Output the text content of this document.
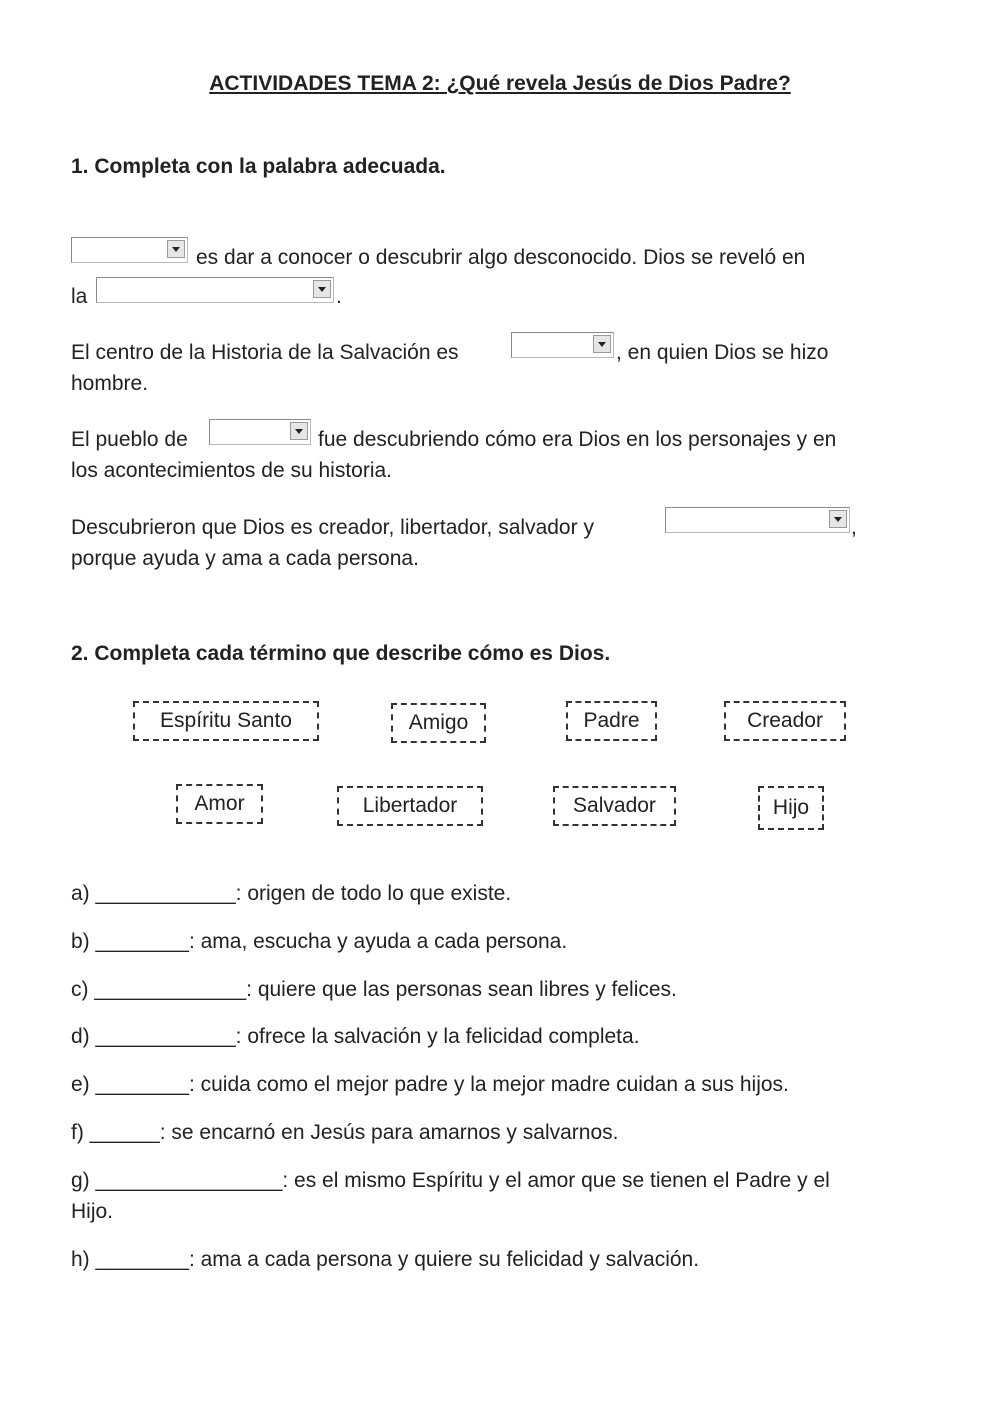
ACTIVIDADES TEMA 2: ¿Qué revela Jesús de Dios Padre?
1. Completa con la palabra adecuada.
es dar a conocer o descubrir algo desconocido. Dios se reveló en
la	.
El centro de la Historia de la Salvación es	, en quien Dios se hizo
hombre.
El pueblo de	fue descubriendo cómo era Dios en los personajes y en
los acontecimientos de su historia.
Descubrieron que Dios es creador, libertador, salvador y	,
porque ayuda y ama a cada persona.
2. Completa cada término que describe cómo es Dios.
Espíritu Santo	Amigo	Padre	Creador
Amor	Libertador	Salvador	Hijo
a) ____________: origen de todo lo que existe.
b) ________: ama, escucha y ayuda a cada persona.
c) _____________: quiere que las personas sean libres y felices.
d) ____________: ofrece la salvación y la felicidad completa.
e) ________: cuida como el mejor padre y la mejor madre cuidan a sus hijos.
f) ______: se encarnó en Jesús para amarnos y salvarnos.
g) ________________: es el mismo Espíritu y el amor que se tienen el Padre y el
Hijo.
h) ________: ama a cada persona y quiere su felicidad y salvación.
